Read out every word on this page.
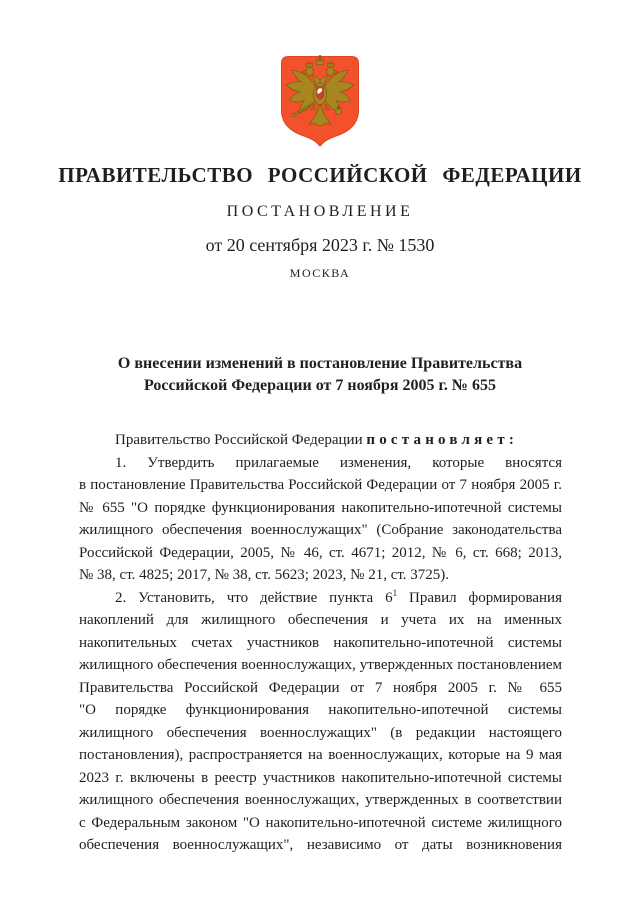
ПРАВИТЕЛЬСТВО РОССИЙСКОЙ ФЕДЕРАЦИИ
ПОСТАНОВЛЕНИЕ
от 20 сентября 2023 г. № 1530
МОСКВА
О внесении изменений в постановление Правительства
Российской Федерации от 7 ноября 2005 г. № 655

Правительство Российской Федерации постановляет:

1. Утвердить прилагаемые изменения, которые вносятся в постановление Правительства Российской Федерации от 7 ноября 2005 г. № 655 "О порядке функционирования накопительно-ипотечной системы жилищного обеспечения военнослужащих" (Собрание законодательства Российской Федерации, 2005, № 46, ст. 4671; 2012, № 6, ст. 668; 2013, № 38, ст. 4825; 2017, № 38, ст. 5623; 2023, № 21, ст. 3725).

2. Установить, что действие пункта 6$^1$ Правил формирования накоплений для жилищного обеспечения и учета их на именных накопительных счетах участников накопительно-ипотечной системы жилищного обеспечения военнослужащих, утвержденных постановлением Правительства Российской Федерации от 7 ноября 2005 г. № 655 "О порядке функционирования накопительно-ипотечной системы жилищного обеспечения военнослужащих" (в редакции настоящего постановления), распространяется на военнослужащих, которые на 9 мая 2023 г. включены в реестр участников накопительно-ипотечной системы жилищного обеспечения военнослужащих, утвержденных в соответствии с Федеральным законом "О накопительно-ипотечной системе жилищного обеспечения военнослужащих", независимо от даты возникновения
